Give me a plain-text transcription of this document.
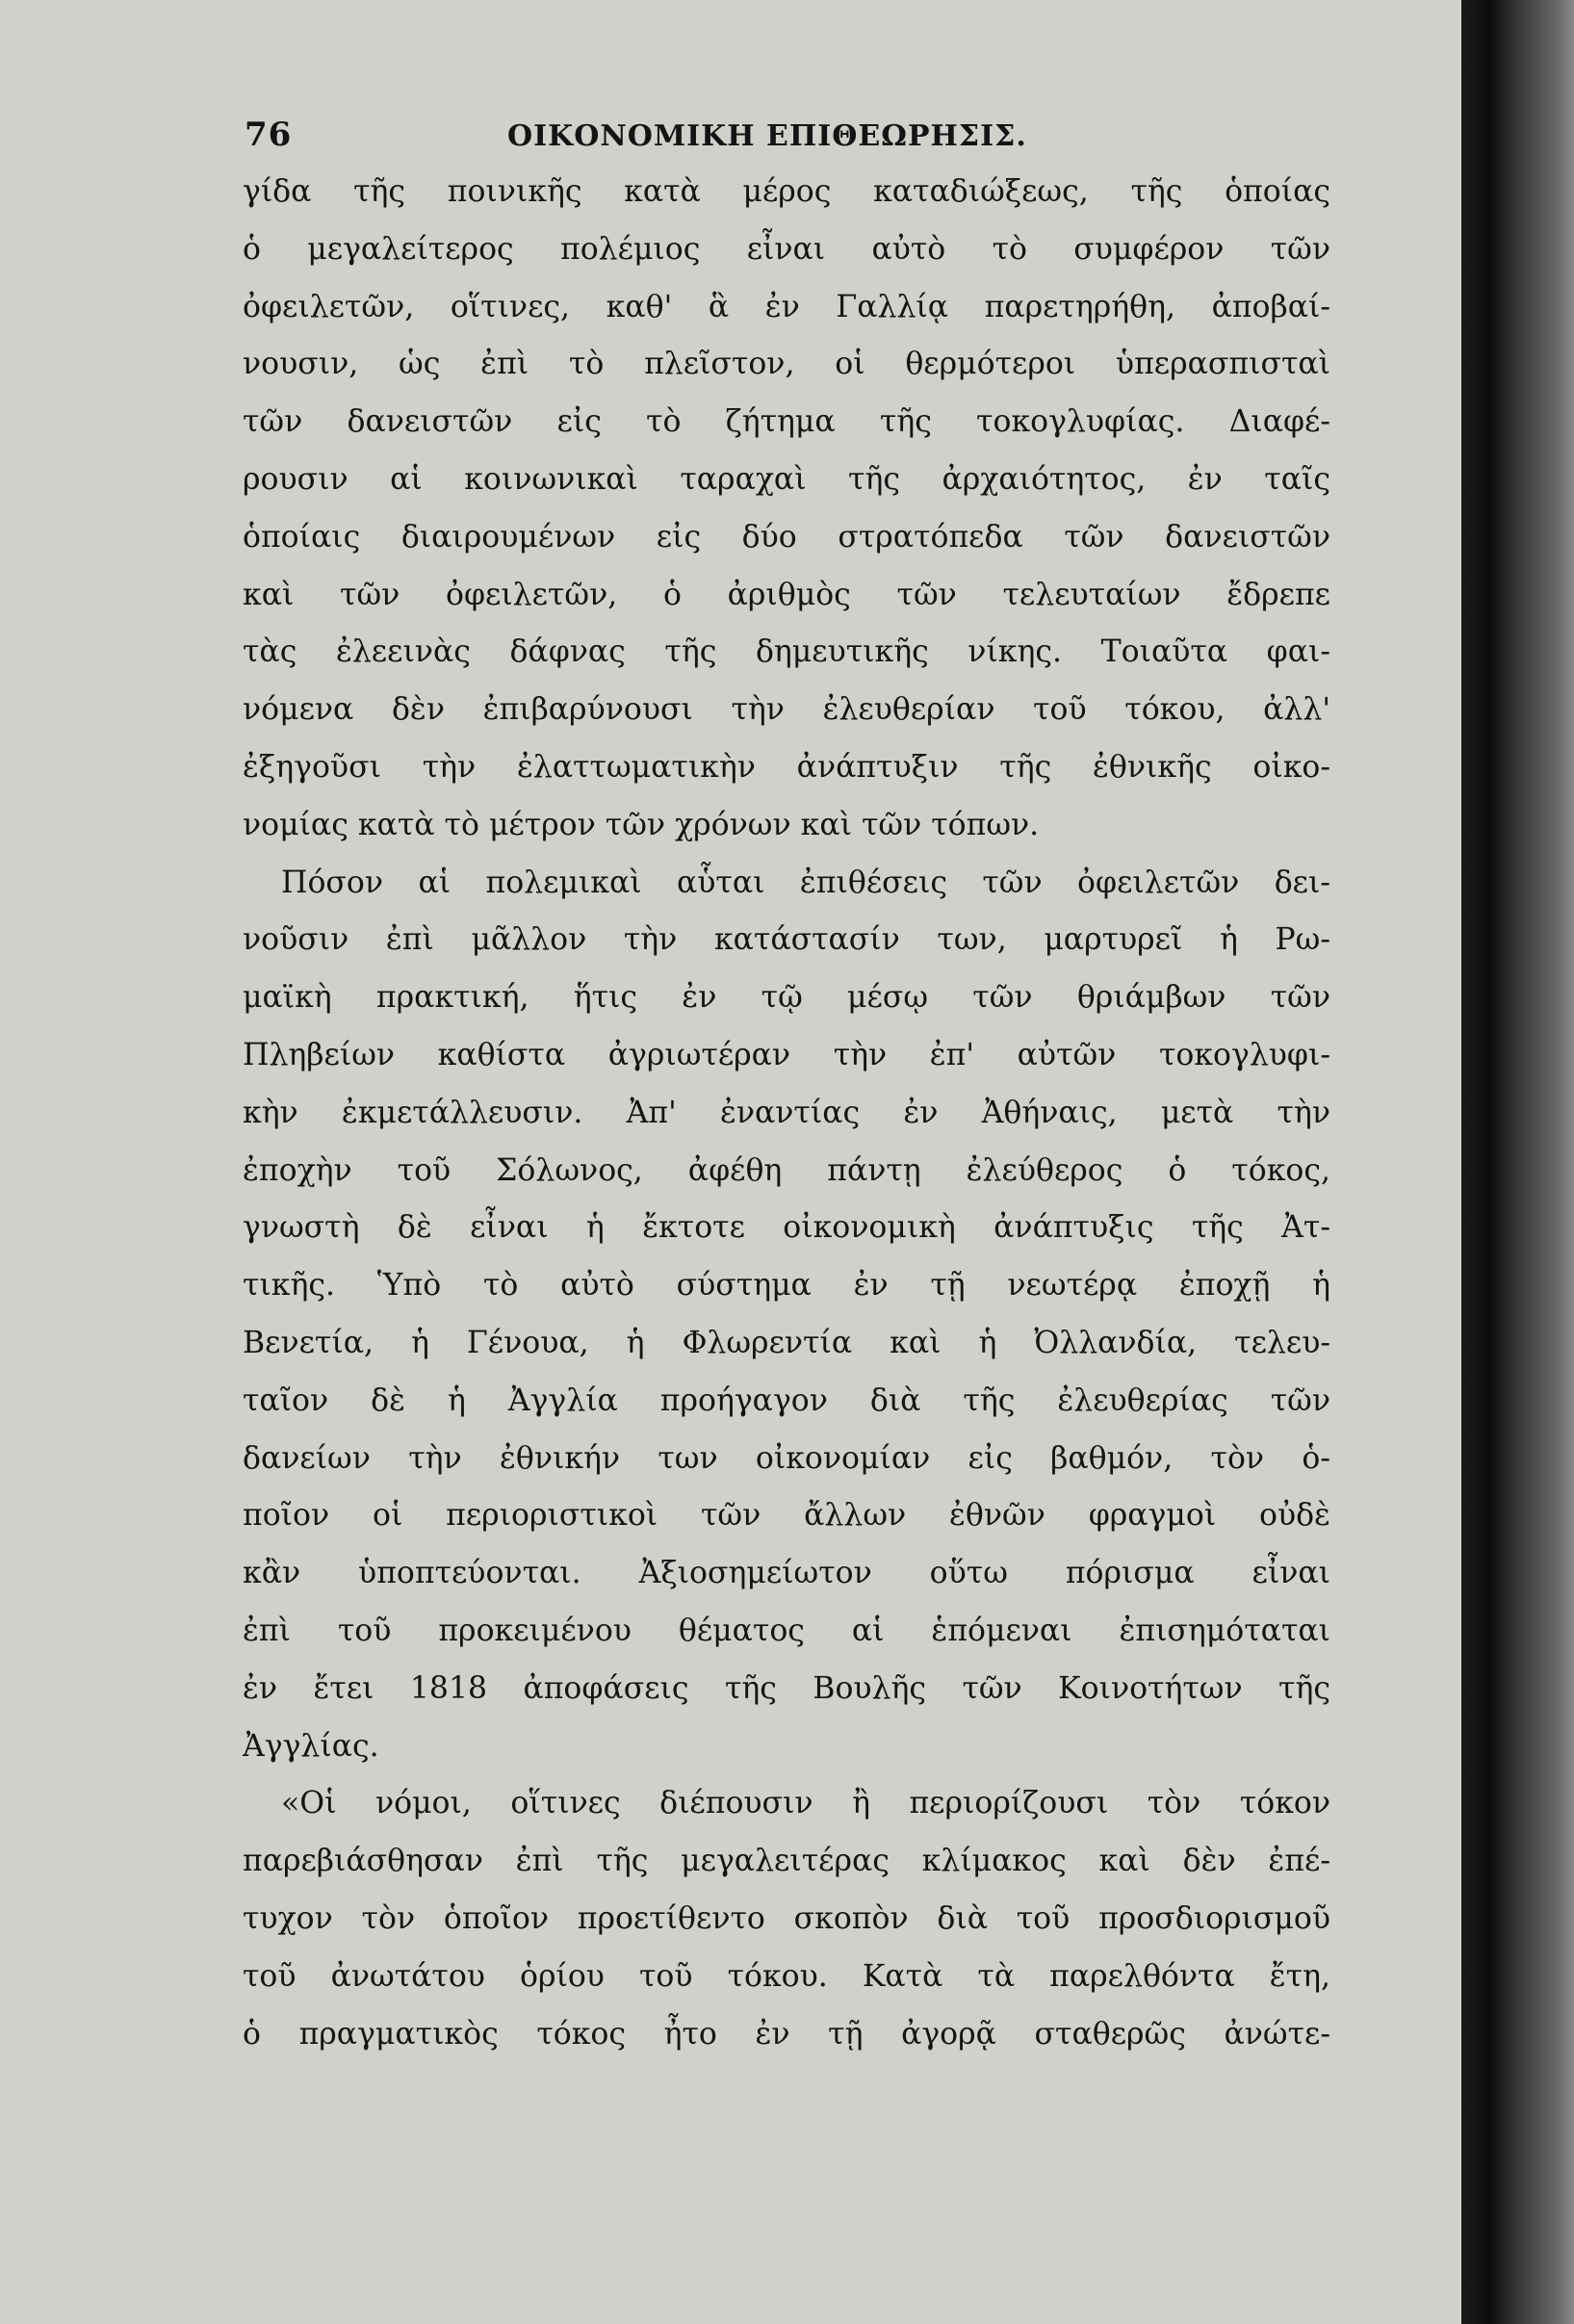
76	ΟΙΚΟΝΟΜΙΚΗ ΕΠΙΘΕΩΡΗΣΙΣ.

γίδα τῆς ποινικῆς κατὰ μέρος καταδιώξεως, τῆς ὁποίας
ὁ μεγαλείτερος πολέμιος εἶναι αὐτὸ τὸ συμφέρον τῶν
ὀφειλετῶν, οἵτινες, καθ' ἃ ἐν Γαλλίᾳ παρετηρήθη, ἀποβαί-
νουσιν, ὡς ἐπὶ τὸ πλεῖστον, οἱ θερμότεροι ὑπερασπισταὶ
τῶν δανειστῶν εἰς τὸ ζήτημα τῆς τοκογλυφίας. Διαφέ-
ρουσιν αἱ κοινωνικαὶ ταραχαὶ τῆς ἀρχαιότητος, ἐν ταῖς
ὁποίαις διαιρουμένων εἰς δύο στρατόπεδα τῶν δανειστῶν
καὶ τῶν ὀφειλετῶν, ὁ ἀριθμὸς τῶν τελευταίων ἔδρεπε
τὰς ἐλεεινὰς δάφνας τῆς δημευτικῆς νίκης. Τοιαῦτα φαι-
νόμενα δὲν ἐπιβαρύνουσι τὴν ἐλευθερίαν τοῦ τόκου, ἀλλ'
ἐξηγοῦσι τὴν ἐλαττωματικὴν ἀνάπτυξιν τῆς ἐθνικῆς οἰκο-
νομίας κατὰ τὸ μέτρον τῶν χρόνων καὶ τῶν τόπων.

Πόσον αἱ πολεμικαὶ αὗται ἐπιθέσεις τῶν ὀφειλετῶν δει-
νοῦσιν ἐπὶ μᾶλλον τὴν κατάστασίν των, μαρτυρεῖ ἡ Ρω-
μαϊκὴ πρακτική, ἥτις ἐν τῷ μέσῳ τῶν θριάμβων τῶν
Πληβείων καθίστα ἀγριωτέραν τὴν ἐπ' αὐτῶν τοκογλυφι-
κὴν ἐκμετάλλευσιν. Ἀπ' ἐναντίας ἐν Ἀθήναις, μετὰ τὴν
ἐποχὴν τοῦ Σόλωνος, ἀφέθη πάντῃ ἐλεύθερος ὁ τόκος,
γνωστὴ δὲ εἶναι ἡ ἔκτοτε οἰκονομικὴ ἀνάπτυξις τῆς Ἀτ-
τικῆς. Ὑπὸ τὸ αὐτὸ σύστημα ἐν τῇ νεωτέρᾳ ἐποχῇ ἡ
Βενετία, ἡ Γένουα, ἡ Φλωρεντία καὶ ἡ Ὀλλανδία, τελευ-
ταῖον δὲ ἡ Ἀγγλία προήγαγον διὰ τῆς ἐλευθερίας τῶν
δανείων τὴν ἐθνικήν των οἰκονομίαν εἰς βαθμόν, τὸν ὁ-
ποῖον οἱ περιοριστικοὶ τῶν ἄλλων ἐθνῶν φραγμοὶ οὐδὲ
κἂν ὑποπτεύονται. Ἀξιοσημείωτον οὕτω πόρισμα εἶναι
ἐπὶ τοῦ προκειμένου θέματος αἱ ἑπόμεναι ἐπισημόταται
ἐν ἔτει 1818 ἀποφάσεις τῆς Βουλῆς τῶν Κοινοτήτων τῆς
Ἀγγλίας.

«Οἱ νόμοι, οἵτινες διέπουσιν ἢ περιορίζουσι τὸν τόκον
παρεβιάσθησαν ἐπὶ τῆς μεγαλειτέρας κλίμακος καὶ δὲν ἐπέ-
τυχον τὸν ὁποῖον προετίθεντο σκοπὸν διὰ τοῦ προσδιορισμοῦ
τοῦ ἀνωτάτου ὁρίου τοῦ τόκου. Κατὰ τὰ παρελθόντα ἔτη,
ὁ πραγματικὸς τόκος ἦτο ἐν τῇ ἀγορᾷ σταθερῶς ἀνώτε-
